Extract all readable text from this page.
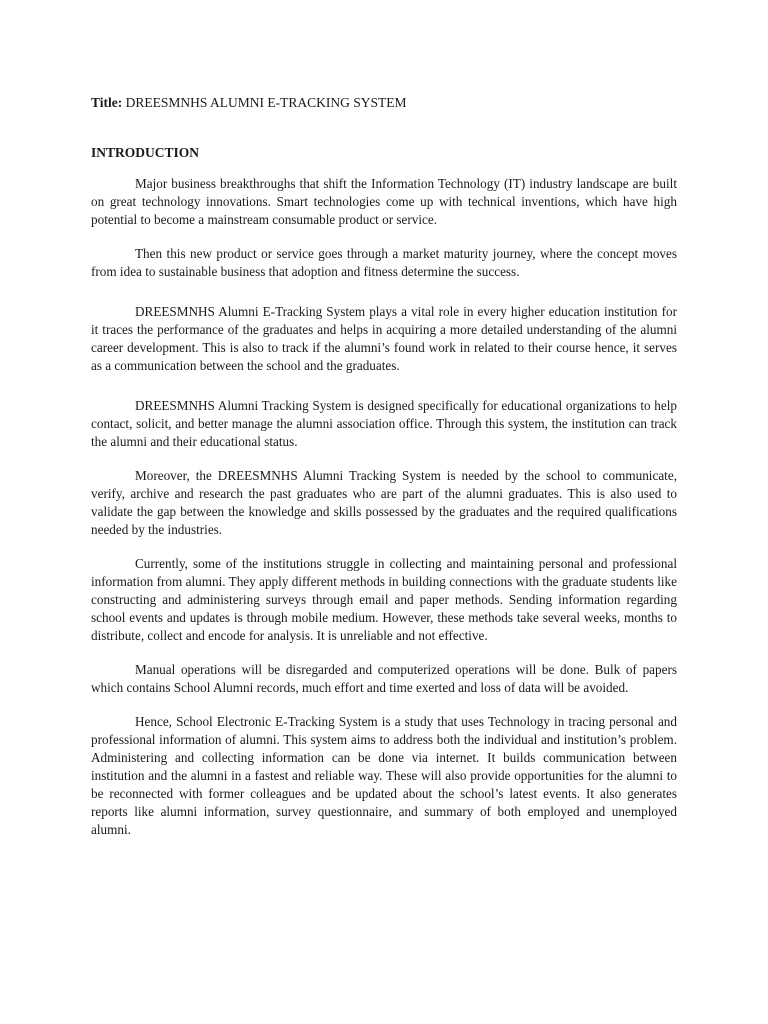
Title: DREESMNHS ALUMNI E-TRACKING SYSTEM
INTRODUCTION

Major business breakthroughs that shift the Information Technology (IT) industry landscape are built on great technology innovations. Smart technologies come up with technical inventions, which have high potential to become a mainstream consumable product or service.

Then this new product or service goes through a market maturity journey, where the concept moves from idea to sustainable business that adoption and fitness determine the success.

DREESMNHS Alumni E-Tracking System plays a vital role in every higher education institution for it traces the performance of the graduates and helps in acquiring a more detailed understanding of the alumni career development. This is also to track if the alumni’s found work in related to their course hence, it serves as a communication between the school and the graduates.

DREESMNHS Alumni Tracking System is designed specifically for educational organizations to help contact, solicit, and better manage the alumni association office. Through this system, the institution can track the alumni and their educational status.

Moreover, the DREESMNHS Alumni Tracking System is needed by the school to communicate, verify, archive and research the past graduates who are part of the alumni graduates. This is also used to validate the gap between the knowledge and skills possessed by the graduates and the required qualifications needed by the industries.

Currently, some of the institutions struggle in collecting and maintaining personal and professional information from alumni. They apply different methods in building connections with the graduate students like constructing and administering surveys through email and paper methods. Sending information regarding school events and updates is through mobile medium. However, these methods take several weeks, months to distribute, collect and encode for analysis. It is unreliable and not effective.

Manual operations will be disregarded and computerized operations will be done. Bulk of papers which contains School Alumni records, much effort and time exerted and loss of data will be avoided.

Hence, School Electronic E-Tracking System is a study that uses Technology in tracing personal and professional information of alumni. This system aims to address both the individual and institution’s problem. Administering and collecting information can be done via internet. It builds communication between institution and the alumni in a fastest and reliable way. These will also provide opportunities for the alumni to be reconnected with former colleagues and be updated about the school’s latest events. It also generates reports like alumni information, survey questionnaire, and summary of both employed and unemployed alumni.
